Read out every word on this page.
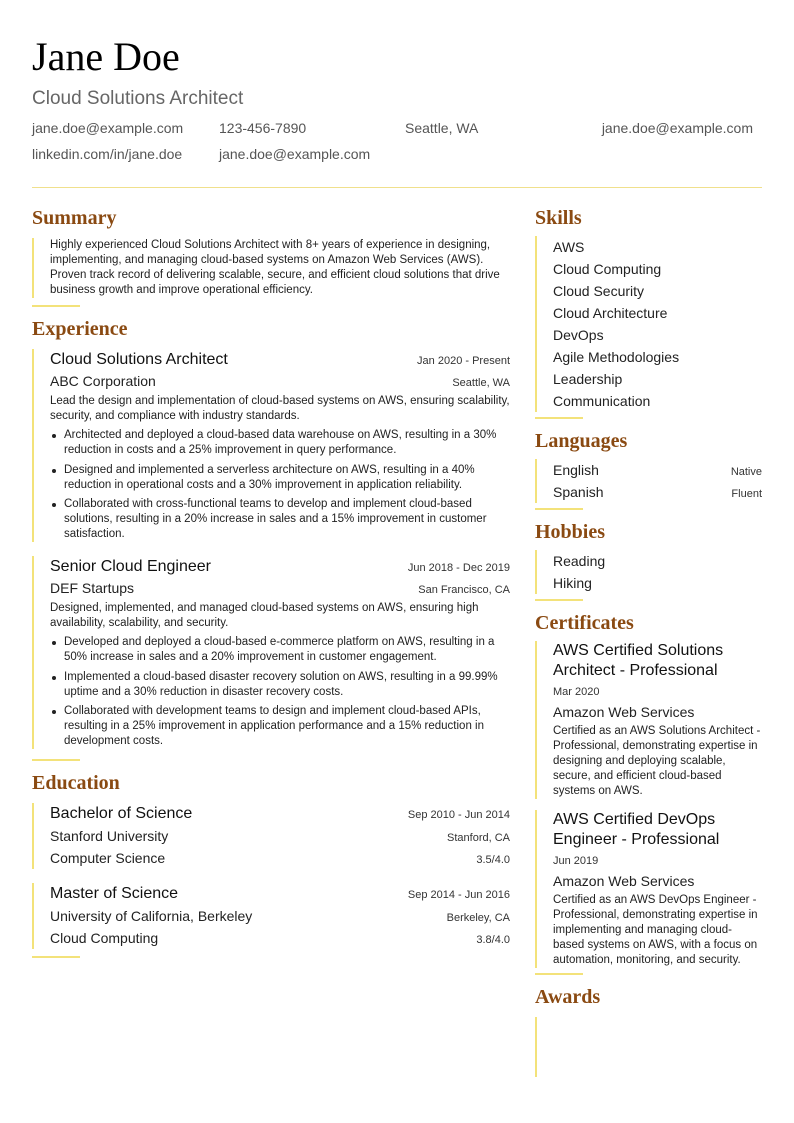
Jane Doe
Cloud Solutions Architect
jane.doe@example.com	123-456-7890	Seattle, WA	jane.doe@example.com
linkedin.com/in/jane.doe	jane.doe@example.com
Summary
Highly experienced Cloud Solutions Architect with 8+ years of experience in designing, implementing, and managing cloud-based systems on Amazon Web Services (AWS). Proven track record of delivering scalable, secure, and efficient cloud solutions that drive business growth and improve operational efficiency.
Experience
Cloud Solutions Architect	Jan 2020 - Present
ABC Corporation	Seattle, WA
Lead the design and implementation of cloud-based systems on AWS, ensuring scalability, security, and compliance with industry standards.
Architected and deployed a cloud-based data warehouse on AWS, resulting in a 30% reduction in costs and a 25% improvement in query performance.
Designed and implemented a serverless architecture on AWS, resulting in a 40% reduction in operational costs and a 30% improvement in application reliability.
Collaborated with cross-functional teams to develop and implement cloud-based solutions, resulting in a 20% increase in sales and a 15% improvement in customer satisfaction.
Senior Cloud Engineer	Jun 2018 - Dec 2019
DEF Startups	San Francisco, CA
Designed, implemented, and managed cloud-based systems on AWS, ensuring high availability, scalability, and security.
Developed and deployed a cloud-based e-commerce platform on AWS, resulting in a 50% increase in sales and a 20% improvement in customer engagement.
Implemented a cloud-based disaster recovery solution on AWS, resulting in a 99.99% uptime and a 30% reduction in disaster recovery costs.
Collaborated with development teams to design and implement cloud-based APIs, resulting in a 25% improvement in application performance and a 15% reduction in development costs.
Education
Bachelor of Science	Sep 2010 - Jun 2014
Stanford University	Stanford, CA
Computer Science	3.5/4.0
Master of Science	Sep 2014 - Jun 2016
University of California, Berkeley	Berkeley, CA
Cloud Computing	3.8/4.0
Skills
AWS
Cloud Computing
Cloud Security
Cloud Architecture
DevOps
Agile Methodologies
Leadership
Communication
Languages
English	Native
Spanish	Fluent
Hobbies
Reading
Hiking
Certificates
AWS Certified Solutions Architect - Professional
Mar 2020
Amazon Web Services
Certified as an AWS Solutions Architect - Professional, demonstrating expertise in designing and deploying scalable, secure, and efficient cloud-based systems on AWS.
AWS Certified DevOps Engineer - Professional
Jun 2019
Amazon Web Services
Certified as an AWS DevOps Engineer - Professional, demonstrating expertise in implementing and managing cloud-based systems on AWS, with a focus on automation, monitoring, and security.
Awards
